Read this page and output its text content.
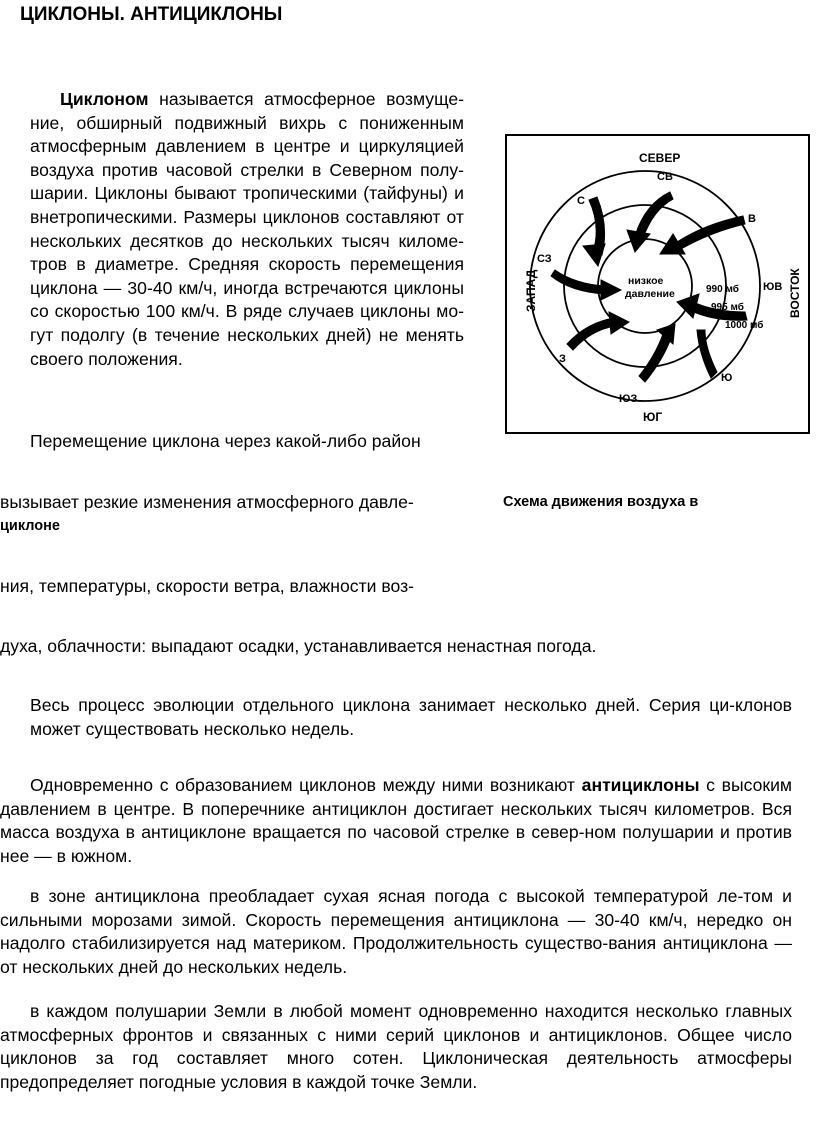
ЦИКЛОНЫ. АНТИЦИКЛОНЫ
Циклоном называется атмосферное возмуще-ние, обширный подвижный вихрь с пониженным атмосферным давлением в центре и циркуляцией воздуха против часовой стрелки в Северном полу-шарии. Циклоны бывают тропическими (тайфуны) и внетропическими. Размеры циклонов составляют от нескольких десятков до нескольких тысяч киломе-тров в диаметре. Средняя скорость перемещения циклона — 30-40 км/ч, иногда встречаются циклоны со скоростью 100 км/ч. В ряде случаев циклоны мо-гут подолгу (в течение нескольких дней) не менять своего положения.
СЕВЕР
СВ
С
В
СЗ
ЮВ
З
Ю
ЮЗ
ЮГ
ЗАПАД	ВОСТОК
низкое
давление	990 мб
995 мб
1000 мб
Перемещение циклона через какой-либо район
вызывает резкие изменения атмосферного давле-	Схема движения воздуха в
циклоне
ния, температуры, скорости ветра, влажности воз-
духа, облачности: выпадают осадки, устанавливается ненастная погода.
Весь процесс эволюции отдельного циклона занимает несколько дней. Серия ци-клонов может существовать несколько недель.
Одновременно с образованием циклонов между ними возникают антициклоны с высоким давлением в центре. В поперечнике антициклон достигает нескольких тысяч километров. Вся масса воздуха в антициклоне вращается по часовой стрелке в север-ном полушарии и против нее — в южном.
в зоне антициклона преобладает сухая ясная погода с высокой температурой ле-том и сильными морозами зимой. Скорость перемещения антициклона — 30-40 км/ч, нередко он надолго стабилизируется над материком. Продолжительность существо-вания антициклона — от нескольких дней до нескольких недель.
в каждом полушарии Земли в любой момент одновременно находится несколько главных атмосферных фронтов и связанных с ними серий циклонов и антициклонов. Общее число циклонов за год составляет много сотен. Циклоническая деятельность атмосферы предопределяет погодные условия в каждой точке Земли.
